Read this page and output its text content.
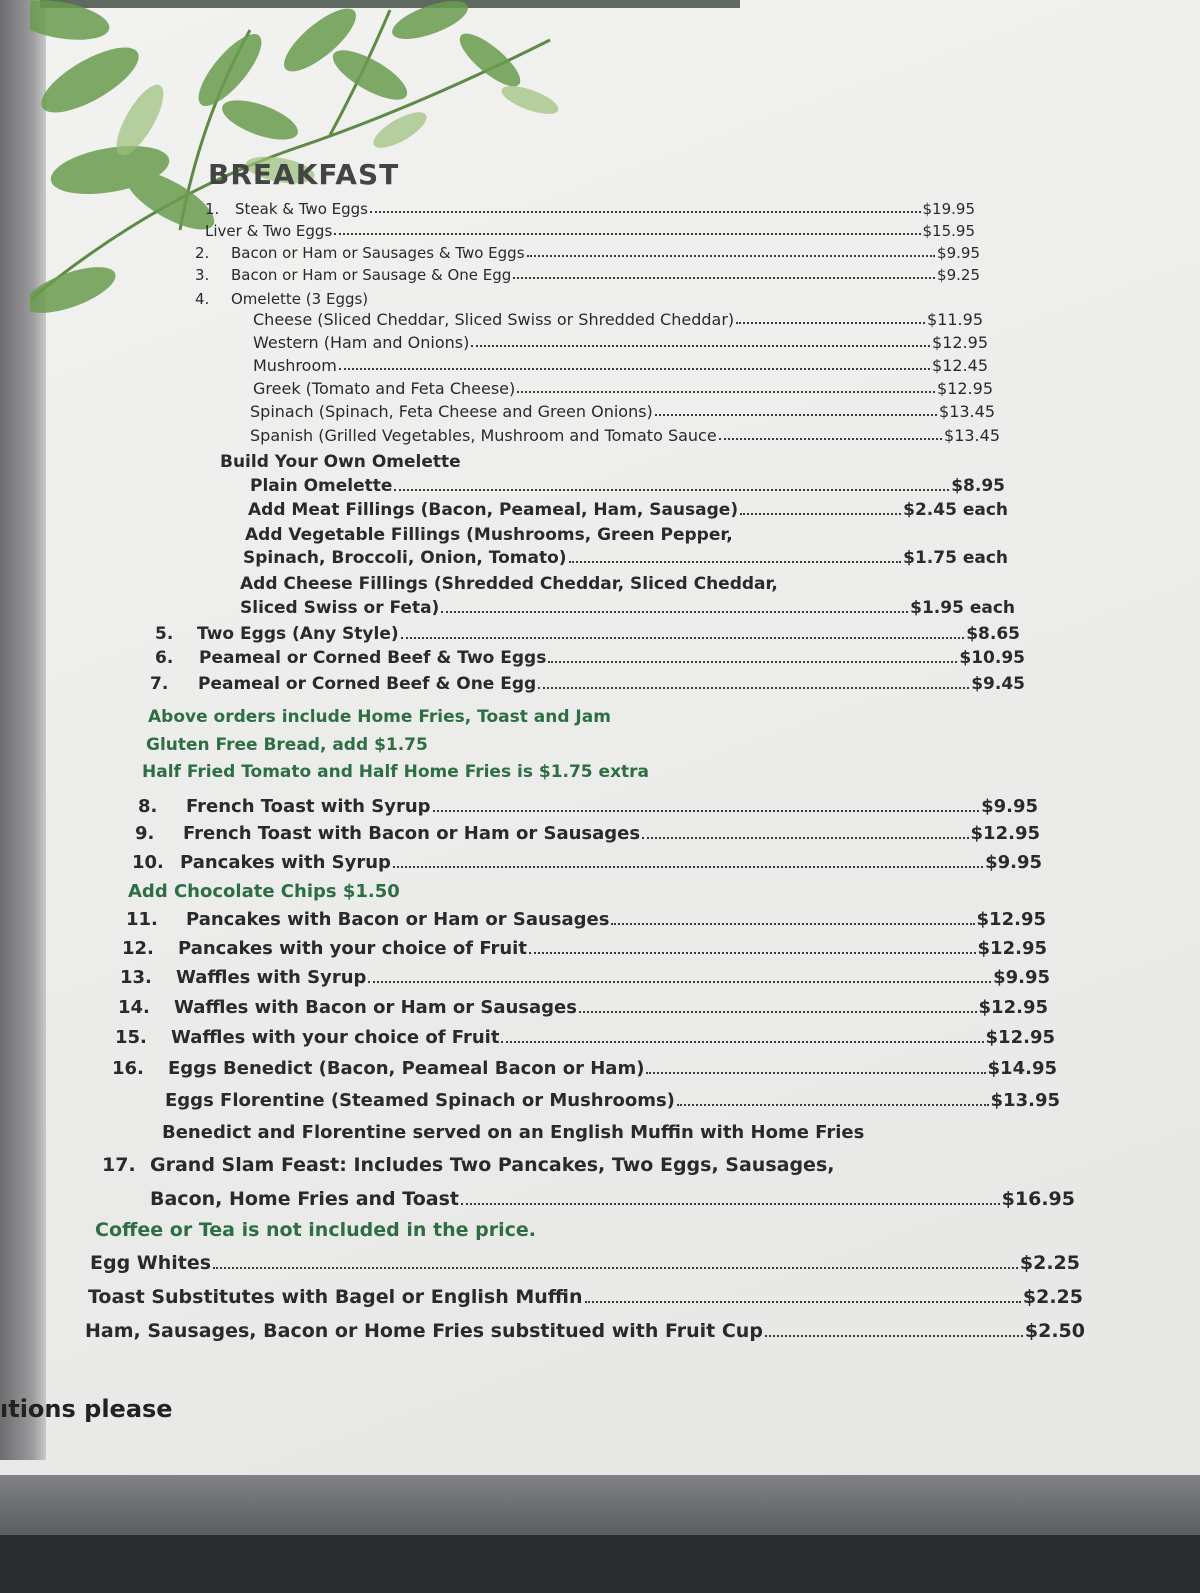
BREAKFAST
1.	Steak & Two Eggs	$19.95
Liver & Two Eggs	$15.95
2.	Bacon or Ham or Sausages & Two Eggs	$9.95
3.	Bacon or Ham or Sausage & One Egg	$9.25
4.	Omelette (3 Eggs)
Cheese (Sliced Cheddar, Sliced Swiss or Shredded Cheddar)	$11.95
Western (Ham and Onions)	$12.95
Mushroom	$12.45
Greek (Tomato and Feta Cheese)	$12.95
Spinach (Spinach, Feta Cheese and Green Onions)	$13.45
Spanish (Grilled Vegetables, Mushroom and Tomato Sauce	$13.45
Build Your Own Omelette
Plain Omelette	$8.95
Add Meat Fillings (Bacon, Peameal, Ham, Sausage)	$2.45 each
Add Vegetable Fillings (Mushrooms, Green Pepper,
Spinach, Broccoli, Onion, Tomato)	$1.75 each
Add Cheese Fillings (Shredded Cheddar, Sliced Cheddar,
Sliced Swiss or Feta)	$1.95 each
5.	Two Eggs (Any Style)	$8.65
6.	Peameal or Corned Beef & Two Eggs	$10.95
7.	Peameal or Corned Beef & One Egg	$9.45
Above orders include Home Fries, Toast and Jam
Gluten Free Bread, add $1.75
Half Fried Tomato and Half Home Fries is $1.75 extra
8.	French Toast with Syrup	$9.95
9.	French Toast with Bacon or Ham or Sausages	$12.95
10. Pancakes with Syrup	$9.95
Add Chocolate Chips $1.50
11.	Pancakes with Bacon or Ham or Sausages	$12.95
12.	Pancakes with your choice of Fruit	$12.95
13.	Waffles with Syrup	$9.95
14.	Waffles with Bacon or Ham or Sausages	$12.95
15.	Waffles with your choice of Fruit	$12.95
16.	Eggs Benedict (Bacon, Peameal Bacon or Ham)	$14.95
Eggs Florentine (Steamed Spinach or Mushrooms)	$13.95
Benedict and Florentine served on an English Muffin with Home Fries
17. Grand Slam Feast: Includes Two Pancakes, Two Eggs, Sausages,
Bacon, Home Fries and Toast	$16.95
Coffee or Tea is not included in the price.
Egg Whites	$2.25
Toast Substitutes with Bagel or English Muffin	$2.25
Ham, Sausages, Bacon or Home Fries substitued with Fruit Cup	$2.50
ıtions please
